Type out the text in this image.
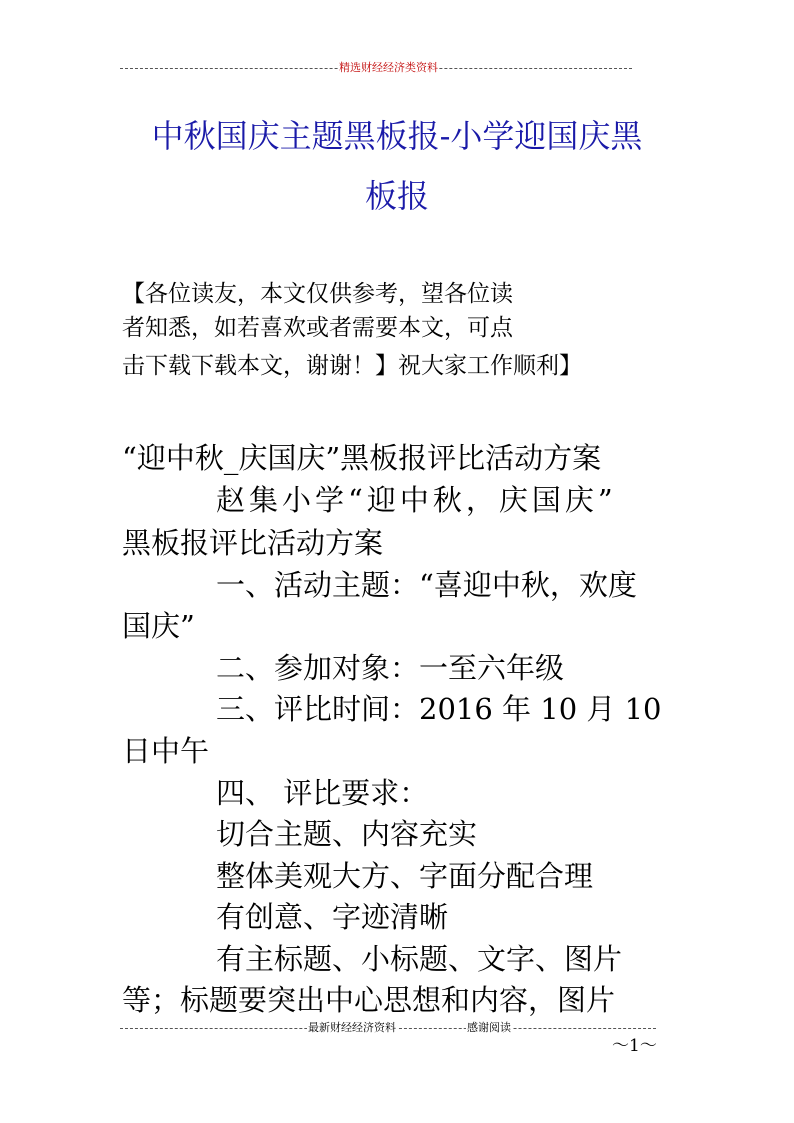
精选财经经济类资料
中秋国庆主题黑板报-小学迎国庆黑
板报
【各位读友，本文仅供参考，望各位读
者知悉，如若喜欢或者需要本文，可点
击下载下载本文，谢谢！】祝大家工作顺利】
“迎中秋_庆国庆”黑板报评比活动方案
赵集小学“迎中秋，庆国庆”
黑板报评比活动方案
一、活动主题：“喜迎中秋，欢度
国庆”
二、参加对象：一至六年级
三、评比时间：2016 年 10 月 10
日中午
四、 评比要求：
切合主题、内容充实
整体美观大方、字面分配合理
有创意、字迹清晰
有主标题、小标题、文字、图片
等；标题要突出中心思想和内容，图片
最新财经经济资料	感谢阅读
～1～
